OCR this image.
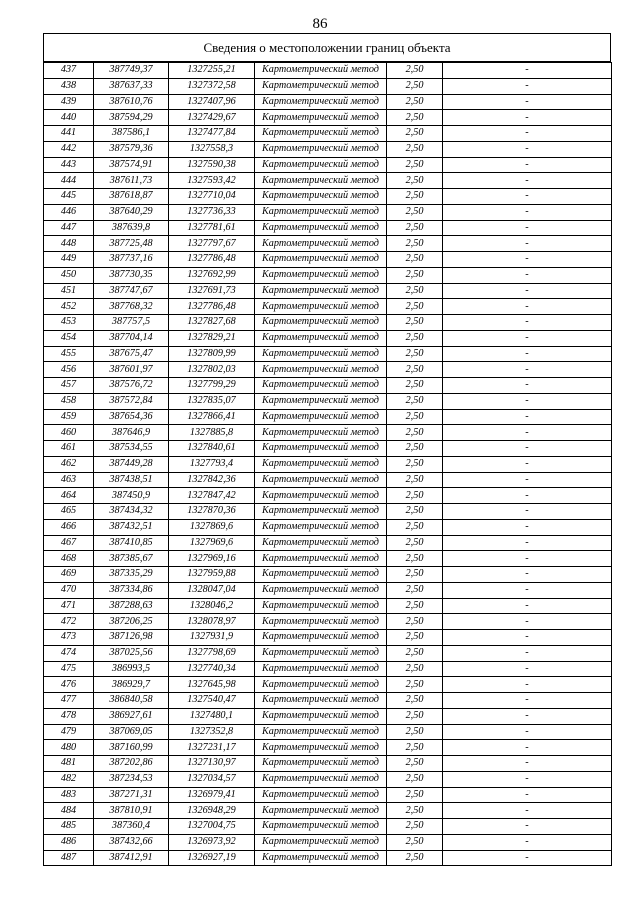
86
Сведения о местоположении границ объекта
437	387749,37	1327255,21	Картометрический метод	2,50	-
438	387637,33	1327372,58	Картометрический метод	2,50	-
439	387610,76	1327407,96	Картометрический метод	2,50	-
440	387594,29	1327429,67	Картометрический метод	2,50	-
441	387586,1	1327477,84	Картометрический метод	2,50	-
442	387579,36	1327558,3	Картометрический метод	2,50	-
443	387574,91	1327590,38	Картометрический метод	2,50	-
444	387611,73	1327593,42	Картометрический метод	2,50	-
445	387618,87	1327710,04	Картометрический метод	2,50	-
446	387640,29	1327736,33	Картометрический метод	2,50	-
447	387639,8	1327781,61	Картометрический метод	2,50	-
448	387725,48	1327797,67	Картометрический метод	2,50	-
449	387737,16	1327786,48	Картометрический метод	2,50	-
450	387730,35	1327692,99	Картометрический метод	2,50	-
451	387747,67	1327691,73	Картометрический метод	2,50	-
452	387768,32	1327786,48	Картометрический метод	2,50	-
453	387757,5	1327827,68	Картометрический метод	2,50	-
454	387704,14	1327829,21	Картометрический метод	2,50	-
455	387675,47	1327809,99	Картометрический метод	2,50	-
456	387601,97	1327802,03	Картометрический метод	2,50	-
457	387576,72	1327799,29	Картометрический метод	2,50	-
458	387572,84	1327835,07	Картометрический метод	2,50	-
459	387654,36	1327866,41	Картометрический метод	2,50	-
460	387646,9	1327885,8	Картометрический метод	2,50	-
461	387534,55	1327840,61	Картометрический метод	2,50	-
462	387449,28	1327793,4	Картометрический метод	2,50	-
463	387438,51	1327842,36	Картометрический метод	2,50	-
464	387450,9	1327847,42	Картометрический метод	2,50	-
465	387434,32	1327870,36	Картометрический метод	2,50	-
466	387432,51	1327869,6	Картометрический метод	2,50	-
467	387410,85	1327969,6	Картометрический метод	2,50	-
468	387385,67	1327969,16	Картометрический метод	2,50	-
469	387335,29	1327959,88	Картометрический метод	2,50	-
470	387334,86	1328047,04	Картометрический метод	2,50	-
471	387288,63	1328046,2	Картометрический метод	2,50	-
472	387206,25	1328078,97	Картометрический метод	2,50	-
473	387126,98	1327931,9	Картометрический метод	2,50	-
474	387025,56	1327798,69	Картометрический метод	2,50	-
475	386993,5	1327740,34	Картометрический метод	2,50	-
476	386929,7	1327645,98	Картометрический метод	2,50	-
477	386840,58	1327540,47	Картометрический метод	2,50	-
478	386927,61	1327480,1	Картометрический метод	2,50	-
479	387069,05	1327352,8	Картометрический метод	2,50	-
480	387160,99	1327231,17	Картометрический метод	2,50	-
481	387202,86	1327130,97	Картометрический метод	2,50	-
482	387234,53	1327034,57	Картометрический метод	2,50	-
483	387271,31	1326979,41	Картометрический метод	2,50	-
484	387810,91	1326948,29	Картометрический метод	2,50	-
485	387360,4	1327004,75	Картометрический метод	2,50	-
486	387432,66	1326973,92	Картометрический метод	2,50	-
487	387412,91	1326927,19	Картометрический метод	2,50	-
